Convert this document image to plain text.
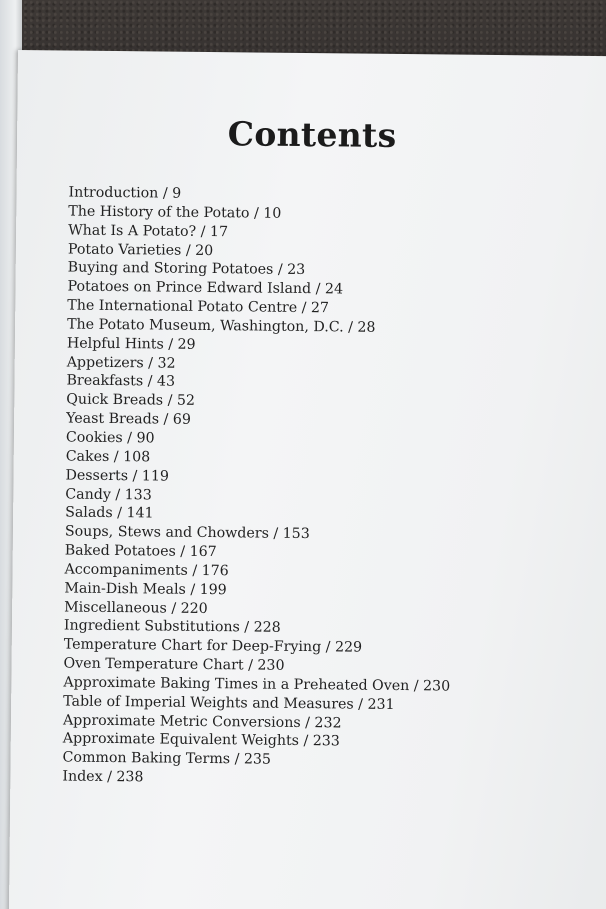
Contents
Introduction / 9
The History of the Potato / 10
What Is A Potato? / 17
Potato Varieties / 20
Buying and Storing Potatoes / 23
Potatoes on Prince Edward Island / 24
The International Potato Centre / 27
The Potato Museum, Washington, D.C. / 28
Helpful Hints / 29
Appetizers / 32
Breakfasts / 43
Quick Breads / 52
Yeast Breads / 69
Cookies / 90
Cakes / 108
Desserts / 119
Candy / 133
Salads / 141
Soups, Stews and Chowders / 153
Baked Potatoes / 167
Accompaniments / 176
Main-Dish Meals / 199
Miscellaneous / 220
Ingredient Substitutions / 228
Temperature Chart for Deep-Frying / 229
Oven Temperature Chart / 230
Approximate Baking Times in a Preheated Oven / 230
Table of Imperial Weights and Measures / 231
Approximate Metric Conversions / 232
Approximate Equivalent Weights / 233
Common Baking Terms / 235
Index / 238
